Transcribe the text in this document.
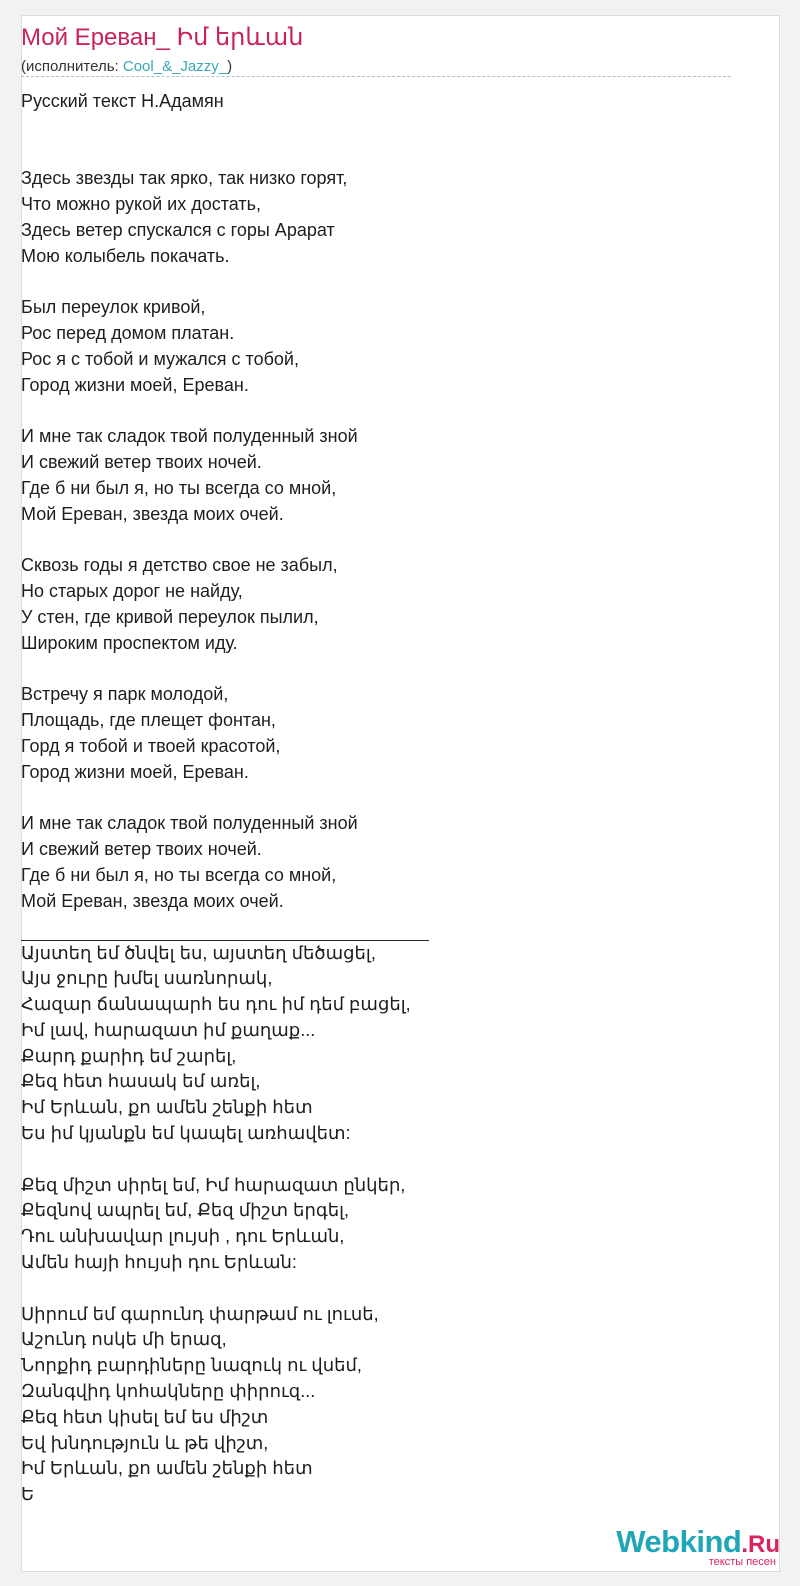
Мой Ереван_ Իմ երևան
(исполнитель: Cool_&_Jazzy_)
Русский текст Н.Адамян
Здесь звезды так ярко, так низко горят,
Что можно рукой их достать,
Здесь ветер спускался с горы Арарат
Мою колыбель покачать.
Был переулок кривой,
Рос перед домом платан.
Рос я с тобой и мужался с тобой,
Город жизни моей, Ереван.
И мне так сладок твой полуденный зной
И свежий ветер твоих ночей.
Где б ни был я, но ты всегда со мной,
Мой Ереван, звезда моих очей.
Сквозь годы я детство свое не забыл,
Но старых дорог не найду,
У стен, где кривой переулок пылил,
Широким проспектом иду.
Встречу я парк молодой,
Площадь, где плещет фонтан,
Горд я тобой и твоей красотой,
Город жизни моей, Ереван.
И мне так сладок твой полуденный зной
И свежий ветер твоих ночей.
Где б ни был я, но ты всегда со мной,
Мой Ереван, звезда моих очей.
Այստեղ եմ ծնվել ես, այստեղ մեծացել,
Այս ջուրը խմել սառնորակ,
Հազար ճանապարհ ես դու իմ դեմ բացել,
Իմ լավ, հարազատ իմ քաղաք...
Քարդ քարիդ եմ շարել,
Քեզ հետ հասակ եմ առել,
Իմ Երևան, քո ամեն շենքի հետ
Ես իմ կյանքն եմ կապել առհավետ:
Քեզ միշտ սիրել եմ, Իմ հարազատ ընկեր,
Քեզնով ապրել եմ, Քեզ միշտ երգել,
Դու անխավար լույսի , դու Երևան,
Ամեն հայի հույսի դու Երևան:
Սիրում եմ գարունդ փարթամ ու լուսե,
Աշունդ ոսկե մի երազ,
Նորքիդ բարդիները նազուկ ու վսեմ,
Զանգվիդ կոհակները փիրուզ...
Քեզ հետ կիսել եմ ես միշտ
Եվ խնդություն և թե վիշտ,
Իմ Երևան, քո ամեն շենքի հետ
Ե
Webkind.Ru
тексты песен
